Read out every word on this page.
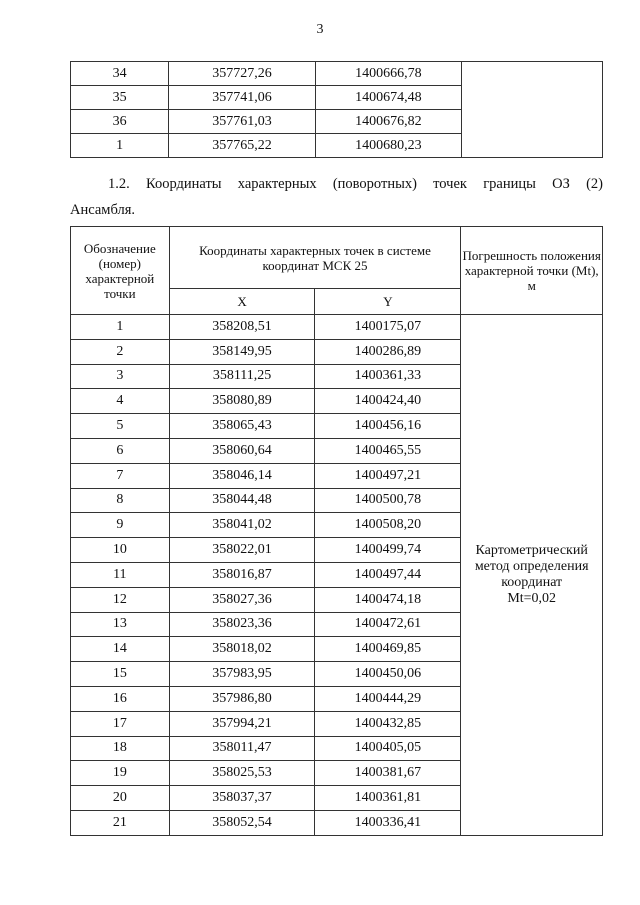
3
34	357727,26	1400666,78	
35	357741,06	1400674,48	
36	357761,03	1400676,82	
1	357765,22	1400680,23	
1.2. Координаты характерных (поворотных) точек границы ОЗ (2)
Ансамбля.
Обозначение (номер) характерной точки	Координаты характерных точек в системе координат МСК 25		Погрешность положения характерной точки (Mt), м
	X	Y	
1	358208,51	1400175,07	Картометрический
метод определения
координат
Mt=0,02

2	358149,95	1400286,89	
3	358111,25	1400361,33	
4	358080,89	1400424,40	
5	358065,43	1400456,16	
6	358060,64	1400465,55	
7	358046,14	1400497,21	
8	358044,48	1400500,78	
9	358041,02	1400508,20	
10	358022,01	1400499,74	
11	358016,87	1400497,44	
12	358027,36	1400474,18	
13	358023,36	1400472,61	
14	358018,02	1400469,85	
15	357983,95	1400450,06	
16	357986,80	1400444,29	
17	357994,21	1400432,85	
18	358011,47	1400405,05	
19	358025,53	1400381,67	
20	358037,37	1400361,81	
21	358052,54	1400336,41	
